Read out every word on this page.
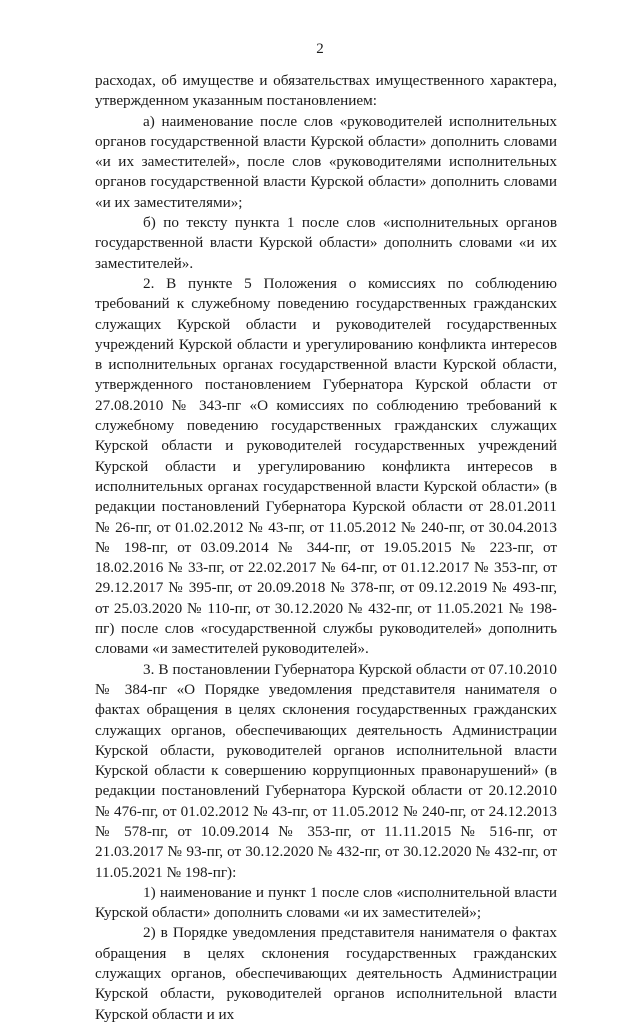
2

расходах, об имуществе и обязательствах имущественного характера, утвержденном указанным постановлением:

а) наименование после слов «руководителей исполнительных органов государственной власти Курской области» дополнить словами «и их заместителей», после слов «руководителями исполнительных органов государственной власти Курской области» дополнить словами «и их заместителями»;

б) по тексту пункта 1 после слов «исполнительных органов государственной власти Курской области» дополнить словами «и их заместителей».

2. В пункте 5 Положения о комиссиях по соблюдению требований к служебному поведению государственных гражданских служащих Курской области и руководителей государственных учреждений Курской области и урегулированию конфликта интересов в исполнительных органах государственной власти Курской области, утвержденного постановлением Губернатора Курской области от 27.08.2010 № 343-пг «О комиссиях по соблюдению требований к служебному поведению государственных гражданских служащих Курской области и руководителей государственных учреждений Курской области и урегулированию конфликта интересов в исполнительных органах государственной власти Курской области» (в редакции постановлений Губернатора Курской области от 28.01.2011 № 26-пг, от 01.02.2012 № 43-пг, от 11.05.2012 № 240-пг, от 30.04.2013 № 198-пг, от 03.09.2014 № 344-пг, от 19.05.2015 № 223-пг, от 18.02.2016 № 33-пг, от 22.02.2017 № 64-пг, от 01.12.2017 № 353-пг, от 29.12.2017 № 395-пг, от 20.09.2018 № 378-пг, от 09.12.2019 № 493-пг, от 25.03.2020 № 110-пг, от 30.12.2020 № 432-пг, от 11.05.2021 № 198-пг) после слов «государственной службы руководителей» дополнить словами «и заместителей руководителей».

3. В постановлении Губернатора Курской области от 07.10.2010 № 384-пг «О Порядке уведомления представителя нанимателя о фактах обращения в целях склонения государственных гражданских служащих органов, обеспечивающих деятельность Администрации Курской области, руководителей органов исполнительной власти Курской области к совершению коррупционных правонарушений» (в редакции постановлений Губернатора Курской области от 20.12.2010 № 476-пг, от 01.02.2012 № 43-пг, от 11.05.2012 № 240-пг, от 24.12.2013 № 578-пг, от 10.09.2014 № 353-пг, от 11.11.2015 № 516-пг, от 21.03.2017 № 93-пг, от 30.12.2020 № 432-пг, от 30.12.2020 № 432-пг, от 11.05.2021 № 198-пг):

1) наименование и пункт 1 после слов «исполнительной власти Курской области» дополнить словами «и их заместителей»;

2) в Порядке уведомления представителя нанимателя о фактах обращения в целях склонения государственных гражданских служащих органов, обеспечивающих деятельность Администрации Курской области, руководителей органов исполнительной власти Курской области и их
